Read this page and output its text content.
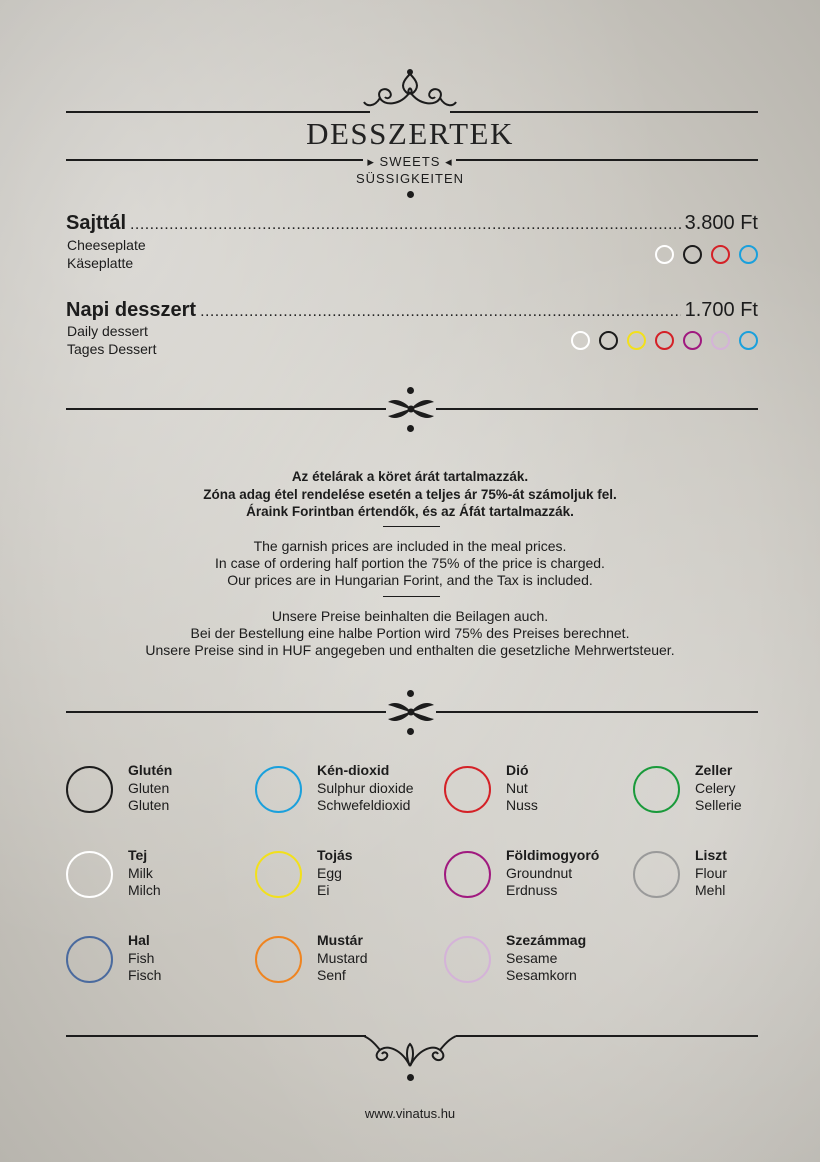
DESSZERTEK
▸ SWEETS ◂
SÜSSIGKEITEN
Sajttál . . .	3.800 Ft
Cheeseplate
Käseplatte
Napi desszert . . .	1.700 Ft
Daily dessert
Tages Dessert
Az ételárak a köret árát tartalmazzák.
Zóna adag étel rendelése esetén a teljes ár 75%-át számoljuk fel.
Áraink Forintban értendők, és az Áfát tartalmazzák.
The garnish prices are included in the meal prices.
In case of ordering half portion the 75% of the price is charged.
Our prices are in Hungarian Forint, and the Tax is included.
Unsere Preise beinhalten die Beilagen auch.
Bei der Bestellung eine halbe Portion wird 75% des Preises berechnet.
Unsere Preise sind in HUF angegeben und enthalten die gesetzliche Mehrwertsteuer.
Glutén
Gluten
Gluten
Kén-dioxid
Sulphur dioxide
Schwefeldioxid
Dió
Nut
Nuss
Zeller
Celery
Sellerie
Tej
Milk
Milch
Tojás
Egg
Ei
Földimogyoró
Groundnut
Erdnuss
Liszt
Flour
Mehl
Hal
Fish
Fisch
Mustár
Mustard
Senf
Szezámmag
Sesame
Sesamkorn
www.vinatus.hu
